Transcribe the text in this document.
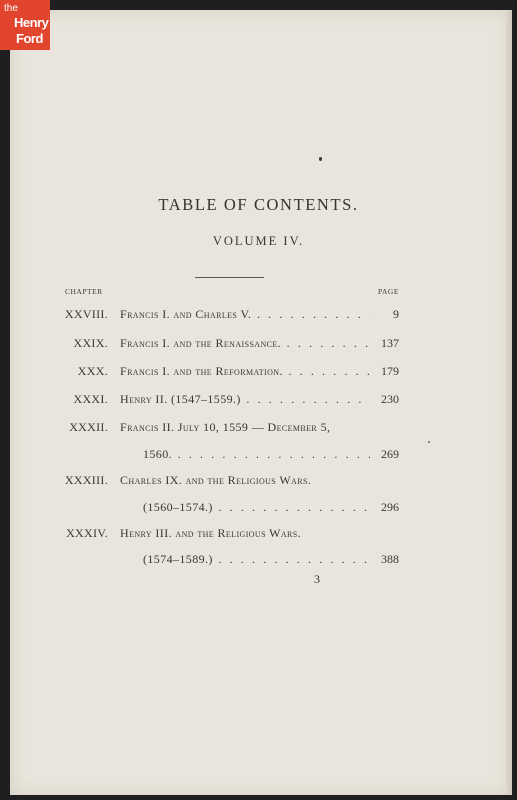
the
Henry
Ford
TABLE OF CONTENTS.
VOLUME IV.
CHAPTER	PAGE
XXVIII. Francis I. and Charles V. . . .	9
XXIX. Francis I. and the Renaissance. . . .	137
XXX. Francis I. and the Reformation. . . .	179
XXXI. Henry II. (1547–1559.) . . .	230
XXXII. Francis II. July 10, 1559 — December 5,
1560. . . .	269
XXXIII. Charles IX. and the Religious Wars.
(1560–1574.) . . .	296
XXXIV. Henry III. and the Religious Wars.
(1574–1589.) . . .	388
3
